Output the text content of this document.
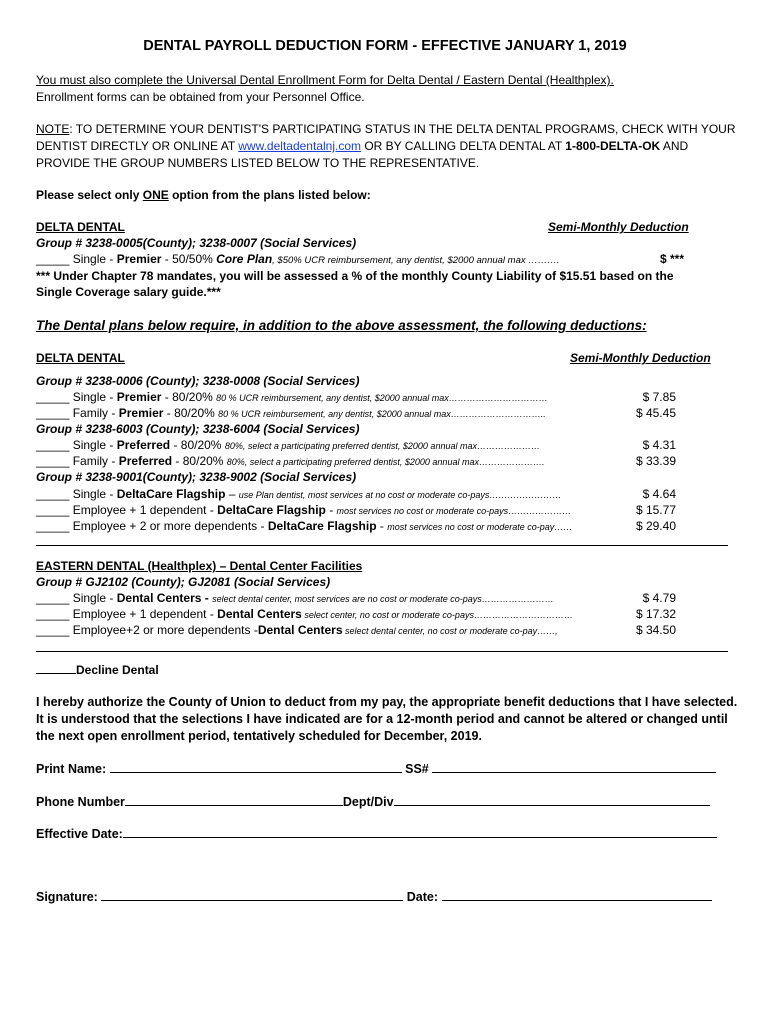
DENTAL PAYROLL DEDUCTION FORM - EFFECTIVE JANUARY 1, 2019
You must also complete the Universal Dental Enrollment Form for Delta Dental / Eastern Dental (Healthplex).
Enrollment forms can be obtained from your Personnel Office.
NOTE: TO DETERMINE YOUR DENTIST'S PARTICIPATING STATUS IN THE DELTA DENTAL PROGRAMS, CHECK WITH YOUR
DENTIST DIRECTLY OR ONLINE AT www.deltadentalnj.com OR BY CALLING DELTA DENTAL AT 1-800-DELTA-OK AND
PROVIDE THE GROUP NUMBERS LISTED BELOW TO THE REPRESENTATIVE.
Please select only ONE option from the plans listed below:
DELTA DENTAL	Semi-Monthly Deduction
Group # 3238-0005(County); 3238-0007 (Social Services)
_____ Single - Premier - 50/50% Core Plan, $50% UCR reimbursement, any dentist, $2000 annual max ……….	$ ***
*** Under Chapter 78 mandates, you will be assessed a % of the monthly County Liability of $15.51 based on the
Single Coverage salary guide.***
The Dental plans below require, in addition to the above assessment, the following deductions:
DELTA DENTAL	Semi-Monthly Deduction
Group # 3238-0006 (County); 3238-0008 (Social Services)
_____ Single - Premier - 80/20% 80 % UCR reimbursement, any dentist, $2000 annual max……………………………	$ 7.85
_____ Family - Premier - 80/20% 80 % UCR reimbursement, any dentist, $2000 annual max…………………………..	$ 45.45
Group # 3238-6003 (County); 3238-6004 (Social Services)
_____ Single - Preferred - 80/20% 80%, select a participating preferred dentist, $2000 annual max…………………	$ 4.31
_____ Family - Preferred - 80/20% 80%, select a participating preferred dentist, $2000 annual max………………….	$ 33.39
Group # 3238-9001(County); 3238-9002 (Social Services)
_____ Single - DeltaCare Flagship – use Plan dentist, most services at no cost or moderate co-pays……………………	$ 4.64
_____ Employee + 1 dependent - DeltaCare Flagship - most services no cost or moderate co-pays…………………	$ 15.77
_____ Employee + 2 or more dependents - DeltaCare Flagship - most services no cost or moderate co-pay……	$ 29.40
EASTERN DENTAL (Healthplex) – Dental Center Facilities
Group # GJ2102 (County); GJ2081 (Social Services)
_____ Single - Dental Centers - select dental center, most services are no cost or moderate co-pays……………………	$ 4.79
_____ Employee + 1 dependent - Dental Centers select center, no cost or moderate co-pays……………………………	$ 17.32
_____ Employee+2 or more dependents -Dental Centers select dental center, no cost or moderate co-pay……,	$ 34.50
Decline Dental
I hereby authorize the County of Union to deduct from my pay, the appropriate benefit deductions that I have selected.
It is understood that the selections I have indicated are for a 12-month period and cannot be altered or changed until
the next open enrollment period, tentatively scheduled for December, 2019.
Print Name:	SS#
Phone Number	Dept/Div
Effective Date:
Signature:	Date:
